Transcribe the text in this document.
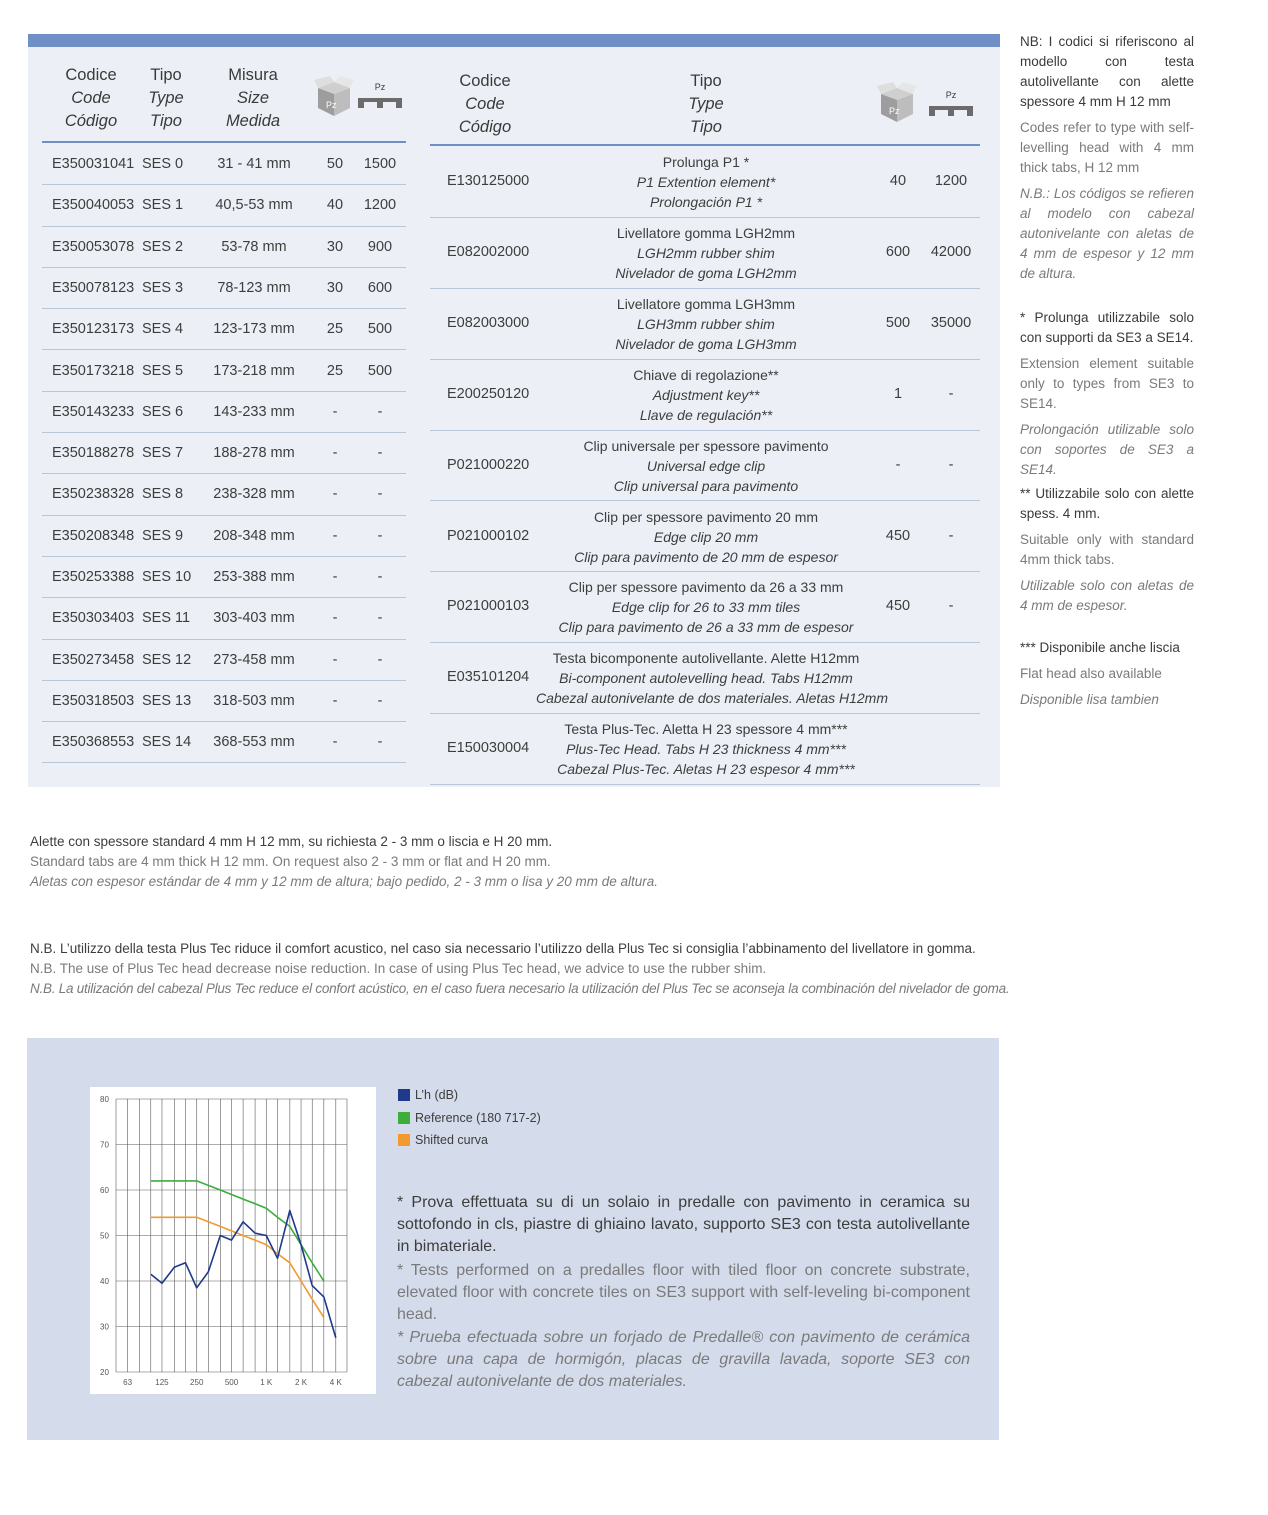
Codice
Code
Código
Tipo
Type
Tipo
Misura
Size
Medida
Pz
Pz
E350031041 SES 0	31 - 41 mm	50	1500
E350040053 SES 1	40,5-53 mm	40	1200
E350053078 SES 2	53-78 mm	30	900
E350078123 SES 3	78-123 mm	30	600
E350123173 SES 4	123-173 mm	25	500
E350173218 SES 5	173-218 mm	25	500
E350143233 SES 6	143-233 mm	-	-
E350188278 SES 7	188-278 mm	-	-
E350238328 SES 8	238-328 mm	-	-
E350208348 SES 9	208-348 mm	-	-
E350253388 SES 10	253-388 mm	-	-
E350303403 SES 11	303-403 mm	-	-
E350273458 SES 12	273-458 mm	-	-
E350318503 SES 13	318-503 mm	-	-
E350368553 SES 14	368-553 mm	-	-
Codice
Code
Código
Tipo
Type
Tipo
Pz
Pz
E130125000
Prolunga P1 *
P1 Extention element*
Prolongación P1 *
40	1200
E082002000
Livellatore gomma LGH2mm
LGH2mm rubber shim
Nivelador de goma LGH2mm
600	42000
E082003000
Livellatore gomma LGH3mm
LGH3mm rubber shim
Nivelador de goma LGH3mm
500	35000
E200250120
Chiave di regolazione**
Adjustment key**
Llave de regulación**
1	-
P021000220
Clip universale per spessore pavimento
Universal edge clip
Clip universal para pavimento
-	-
P021000102
Clip per spessore pavimento 20 mm
Edge clip 20 mm
Clip para pavimento de 20 mm de espesor
450	-
P021000103
Clip per spessore pavimento da 26 a 33 mm
Edge clip for 26 to 33 mm tiles
Clip para pavimento de 26 a 33 mm de espesor
450	-
E035101204
Testa bicomponente autolivellante. Alette H12mm
Bi-component autolevelling head. Tabs H12mm
Cabezal autonivelante de dos materiales. Aletas H12mm
E150030004
Testa Plus-Tec. Aletta H 23 spessore 4 mm***
Plus-Tec Head. Tabs H 23 thickness 4 mm***
Cabezal Plus-Tec. Aletas H 23 espesor 4 mm***
NB: I codici si riferiscono al modello con testa autolivellante con alette spessore 4 mm H 12 mm
Codes refer to type with self-levelling head with 4 mm thick tabs, H 12 mm
N.B.: Los códigos se refieren al modelo con cabezal autonivelante con aletas de 4 mm de espesor y 12 mm de altura.
* Prolunga utilizzabile solo con supporti da SE3 a SE14.
Extension element suitable only to types from SE3 to SE14.
Prolongación utilizable solo con soportes de SE3 a SE14.
** Utilizzabile solo con alette spess. 4 mm.
Suitable only with standard 4mm thick tabs.
Utilizable solo con aletas de 4 mm de espesor.
*** Disponibile anche liscia
Flat head also available
Disponible lisa tambien

Alette con spessore standard 4 mm H 12 mm, su richiesta 2 - 3 mm o liscia e H 20 mm.

Standard tabs are 4 mm thick H 12 mm. On request also 2 - 3 mm or flat and H 20 mm.

Aletas con espesor estándar de 4 mm y 12 mm de altura; bajo pedido, 2 - 3 mm o lisa y 20 mm de altura.

N.B. L’utilizzo della testa Plus Tec riduce il comfort acustico, nel caso sia necessario l’utilizzo della Plus Tec si consiglia l’abbinamento del livellatore in gomma.

N.B. The use of Plus Tec head decrease noise reduction. In case of using Plus Tec head, we advice to use the rubber shim.

N.B. La utilización del cabezal Plus Tec reduce el confort acústico, en el caso fuera necesario la utilización del Plus Tec se aconseja la combinación del nivelador de goma.

20
30
40
50
60
70
80
63	125	250	500	1 K	2 K	4 K
L’h (dB)
Reference (180 717-2)
Shifted curva
* Prova effettuata su di un solaio in predalle con pavimento in ceramica su sottofondo in cls, piastre di ghiaino lavato, supporto SE3 con testa autolivellante in bimateriale.
* Tests performed on a predalles floor with tiled floor on concrete substrate, elevated floor with concrete tiles on SE3 support with self-leveling bi-component head.
* Prueba efectuada sobre un forjado de Predalle® con pavimento de cerámica sobre una capa de hormigón, placas de gravilla lavada, soporte SE3 con cabezal autonivelante de dos materiales.
